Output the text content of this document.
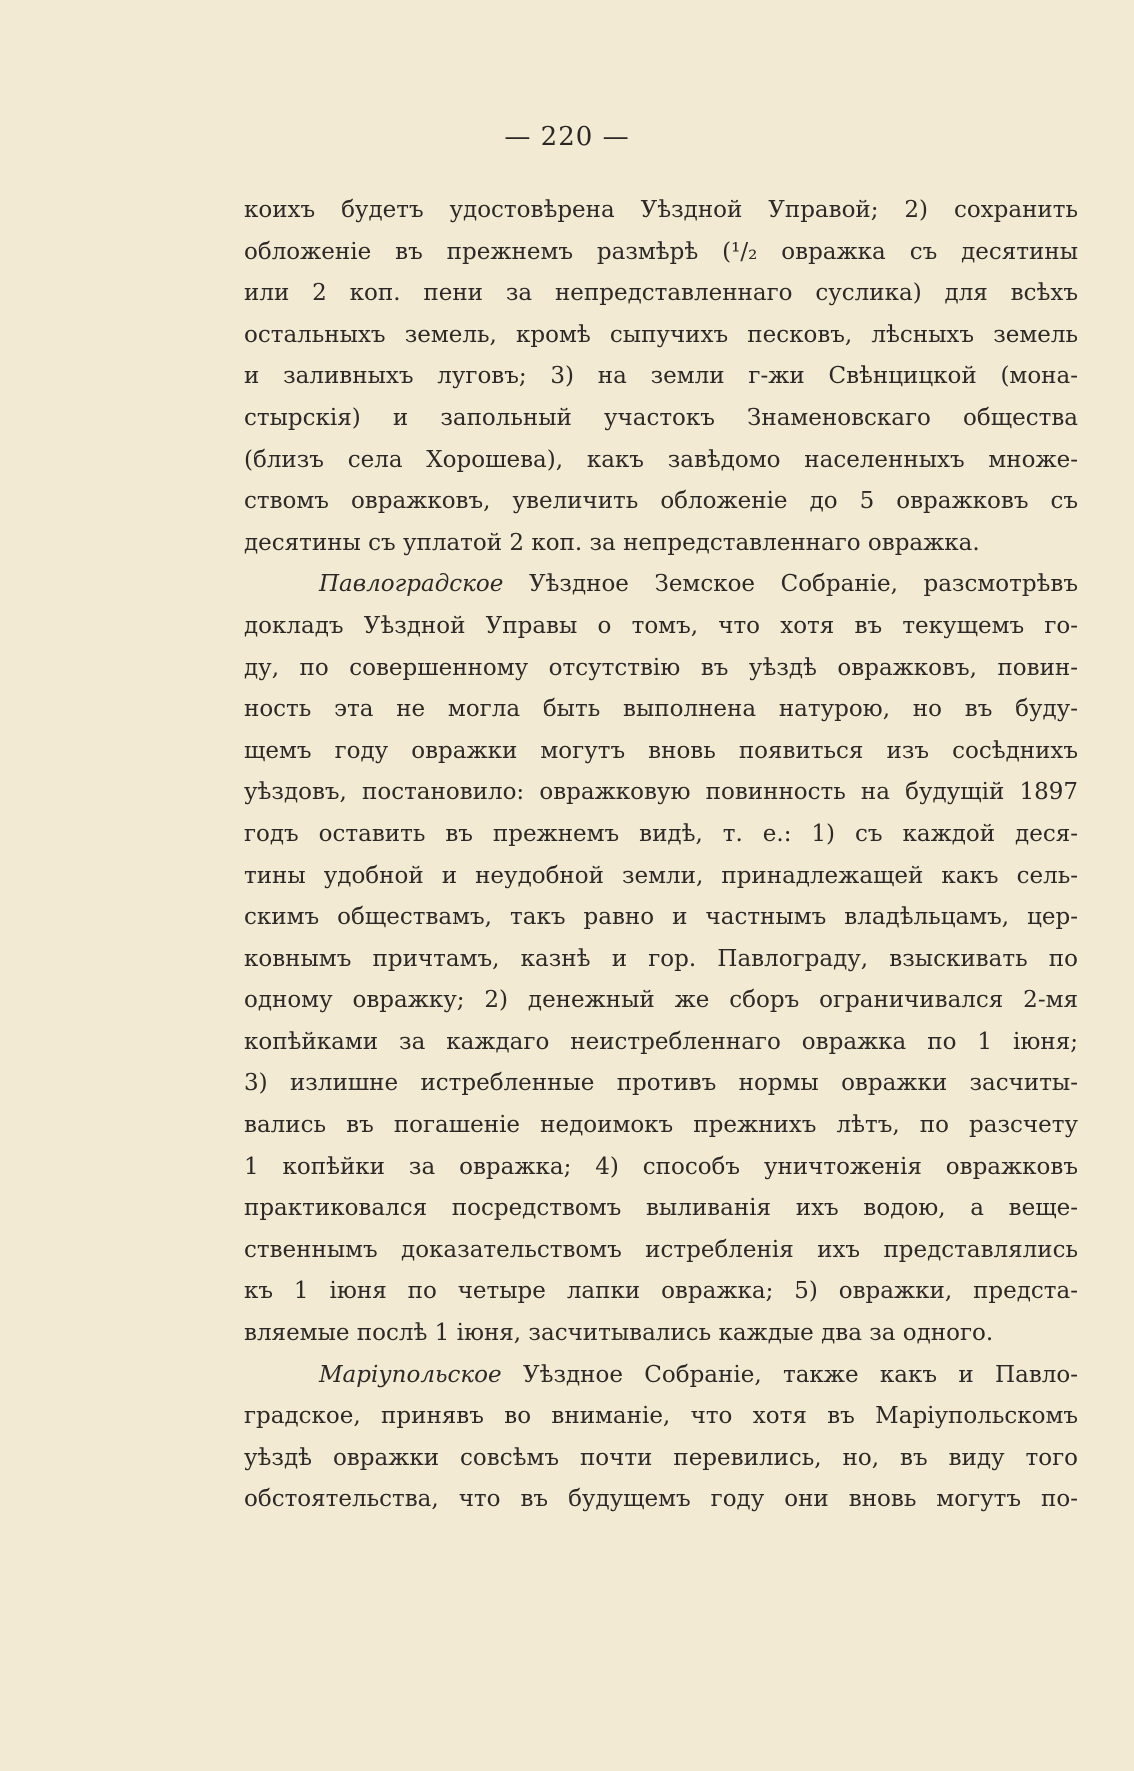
— 220 —
коихъ будетъ удостовѣрена Уѣздной Управой; 2) сохранить
обложеніе въ прежнемъ размѣрѣ (¹/₂ овражка съ десятины
или 2 коп. пени за непредставленнаго суслика) для всѣхъ
остальныхъ земель, кромѣ сыпучихъ песковъ, лѣсныхъ земель
и заливныхъ луговъ; 3) на земли г-жи Свѣнцицкой (мона-
стырскія) и запольный участокъ Знаменовскаго общества
(близъ села Хорошева), какъ завѣдомо населенныхъ множе-
ствомъ овражковъ, увеличить обложеніе до 5 овражковъ съ
десятины съ уплатой 2 коп. за непредставленнаго овражка.
Павлоградское Уѣздное Земское Собраніе, разсмотрѣвъ
докладъ Уѣздной Управы о томъ, что хотя въ текущемъ го-
ду, по совершенному отсутствію въ уѣздѣ овражковъ, повин-
ность эта не могла быть выполнена натурою, но въ буду-
щемъ году овражки могутъ вновь появиться изъ сосѣднихъ
уѣздовъ, постановило: овражковую повинность на будущій 1897
годъ оставить въ прежнемъ видѣ, т. е.: 1) съ каждой деся-
тины удобной и неудобной земли, принадлежащей какъ сель-
скимъ обществамъ, такъ равно и частнымъ владѣльцамъ, цер-
ковнымъ причтамъ, казнѣ и гор. Павлограду, взыскивать по
одному овражку; 2) денежный же сборъ ограничивался 2-мя
копѣйками за каждаго неистребленнаго овражка по 1 іюня;
3) излишне истребленные противъ нормы овражки засчиты-
вались въ погашеніе недоимокъ прежнихъ лѣтъ, по разсчету
1 копѣйки за овражка; 4) способъ уничтоженія овражковъ
практиковался посредствомъ выливанія ихъ водою, а веще-
ственнымъ доказательствомъ истребленія ихъ представлялись
къ 1 іюня по четыре лапки овражка; 5) овражки, предста-
вляемые послѣ 1 іюня, засчитывались каждые два за одного.
Маріупольское Уѣздное Собраніе, также какъ и Павло-
градское, принявъ во вниманіе, что хотя въ Маріупольскомъ
уѣздѣ овражки совсѣмъ почти перевились, но, въ виду того
обстоятельства, что въ будущемъ году они вновь могутъ по-
